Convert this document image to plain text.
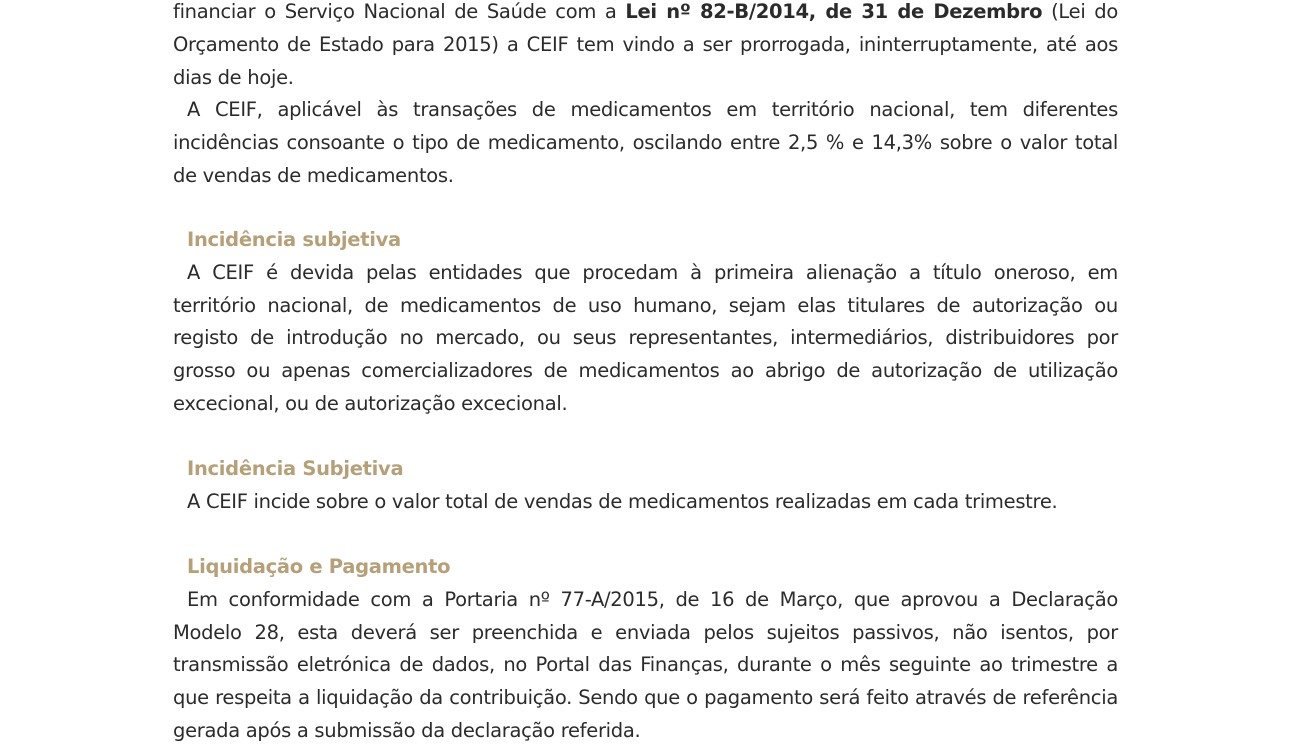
financiar o Serviço Nacional de Saúde com a Lei nº 82-B/2014, de 31 de Dezembro (Lei do Orçamento de Estado para 2015) a CEIF tem vindo a ser prorrogada, ininterruptamente, até aos dias de hoje.

A CEIF, aplicável às transações de medicamentos em território nacional, tem diferentes incidências consoante o tipo de medicamento, oscilando entre 2,5 % e 14,3% sobre o valor total de vendas de medicamentos.

Incidência subjetiva

A CEIF é devida pelas entidades que procedam à primeira alienação a título oneroso, em território nacional, de medicamentos de uso humano, sejam elas titulares de autorização ou registo de introdução no mercado, ou seus representantes, intermediários, distribuidores por grosso ou apenas comercializadores de medicamentos ao abrigo de autorização de utilização excecional, ou de autorização excecional.

Incidência Subjetiva

A CEIF incide sobre o valor total de vendas de medicamentos realizadas em cada trimestre.

Liquidação e Pagamento

Em conformidade com a Portaria nº 77-A/2015, de 16 de Março, que aprovou a Declaração Modelo 28, esta deverá ser preenchida e enviada pelos sujeitos passivos, não isentos, por transmissão eletrónica de dados, no Portal das Finanças, durante o mês seguinte ao trimestre a que respeita a liquidação da contribuição. Sendo que o pagamento será feito através de referência gerada após a submissão da declaração referida.
